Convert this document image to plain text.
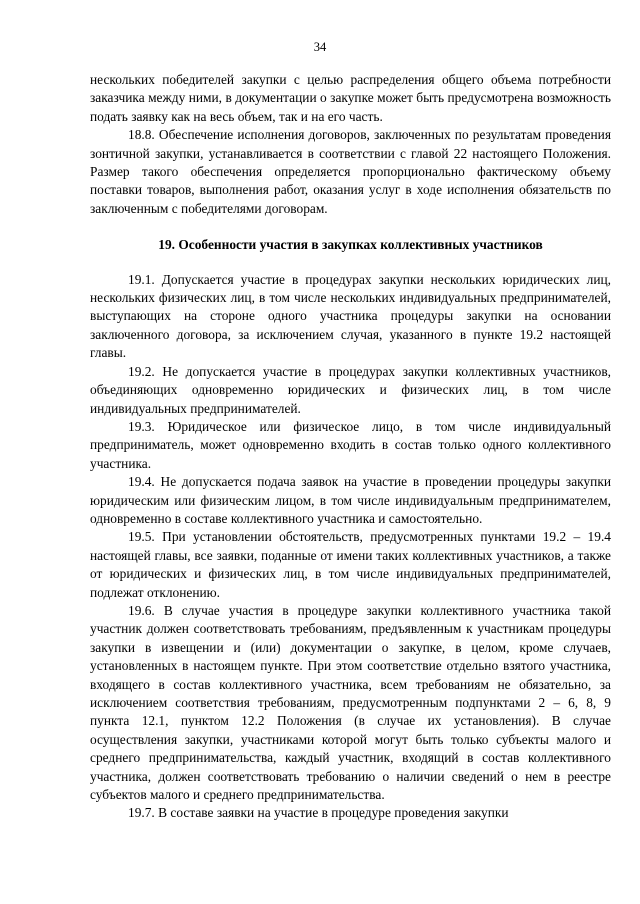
34

нескольких победителей закупки с целью распределения общего объема потребности заказчика между ними, в документации о закупке может быть предусмотрена возможность подать заявку как на весь объем, так и на его часть.

18.8. Обеспечение исполнения договоров, заключенных по результатам проведения зонтичной закупки, устанавливается в соответствии с главой 22 настоящего Положения. Размер такого обеспечения определяется пропорционально фактическому объему поставки товаров, выполнения работ, оказания услуг в ходе исполнения обязательств по заключенным с победителями договорам.

19. Особенности участия в закупках коллективных участников

19.1. Допускается участие в процедурах закупки нескольких юридических лиц, нескольких физических лиц, в том числе нескольких индивидуальных предпринимателей, выступающих на стороне одного участника процедуры закупки на основании заключенного договора, за исключением случая, указанного в пункте 19.2 настоящей главы.

19.2. Не допускается участие в процедурах закупки коллективных участников, объединяющих одновременно юридических и физических лиц, в том числе индивидуальных предпринимателей.

19.3. Юридическое или физическое лицо, в том числе индивидуальный предприниматель, может одновременно входить в состав только одного коллективного участника.

19.4. Не допускается подача заявок на участие в проведении процедуры закупки юридическим или физическим лицом, в том числе индивидуальным предпринимателем, одновременно в составе коллективного участника и самостоятельно.

19.5. При установлении обстоятельств, предусмотренных пунктами 19.2 – 19.4 настоящей главы, все заявки, поданные от имени таких коллективных участников, а также от юридических и физических лиц, в том числе индивидуальных предпринимателей, подлежат отклонению.

19.6. В случае участия в процедуре закупки коллективного участника такой участник должен соответствовать требованиям, предъявленным к участникам процедуры закупки в извещении и (или) документации о закупке, в целом, кроме случаев, установленных в настоящем пункте. При этом соответствие отдельно взятого участника, входящего в состав коллективного участника, всем требованиям не обязательно, за исключением соответствия требованиям, предусмотренным подпунктами 2 – 6, 8, 9 пункта 12.1, пунктом 12.2 Положения (в случае их установления). В случае осуществления закупки, участниками которой могут быть только субъекты малого и среднего предпринимательства, каждый участник, входящий в состав коллективного участника, должен соответствовать требованию о наличии сведений о нем в реестре субъектов малого и среднего предпринимательства.

19.7. В составе заявки на участие в процедуре проведения закупки
